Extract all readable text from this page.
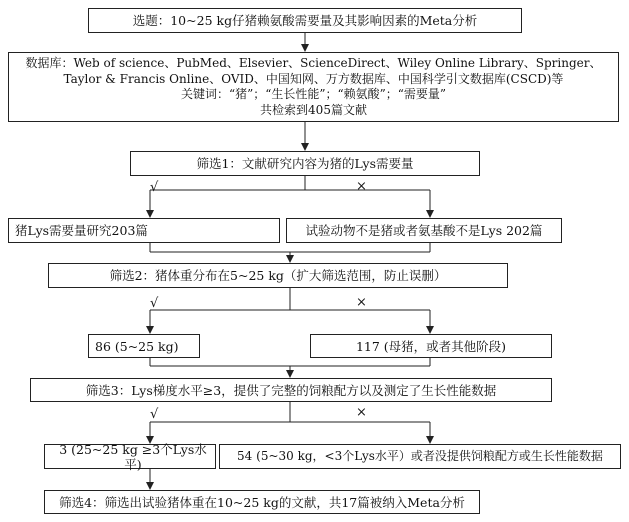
选题：10~25 kg仔猪赖氨酸需要量及其影响因素的Meta分析
数据库：Web of science、PubMed、Elsevier、ScienceDirect、Wiley Online Library、Springer、
Taylor & Francis Online、OVID、中国知网、万方数据库、中国科学引文数据库(CSCD)等
关键词：“猪”；“生长性能”；“赖氨酸”；“需要量”
共检索到405篇文献
筛选1：文献研究内容为猪的Lys需要量
√	×
猪Lys需要量研究203篇	试验动物不是猪或者氨基酸不是Lys 202篇
筛选2：猪体重分布在5~25 kg（扩大筛选范围，防止误删）
√	×
86 (5~25 kg)	117 (母猪，或者其他阶段)
筛选3：Lys梯度水平≥3，提供了完整的饲粮配方以及测定了生长性能数据
√	×
3 (25~25 kg ≥3个Lys水平)
54 (5~30 kg，<3个Lys水平）或者没提供饲粮配方或生长性能数据
筛选4：筛选出试验猪体重在10~25 kg的文献，共17篇被纳入Meta分析
